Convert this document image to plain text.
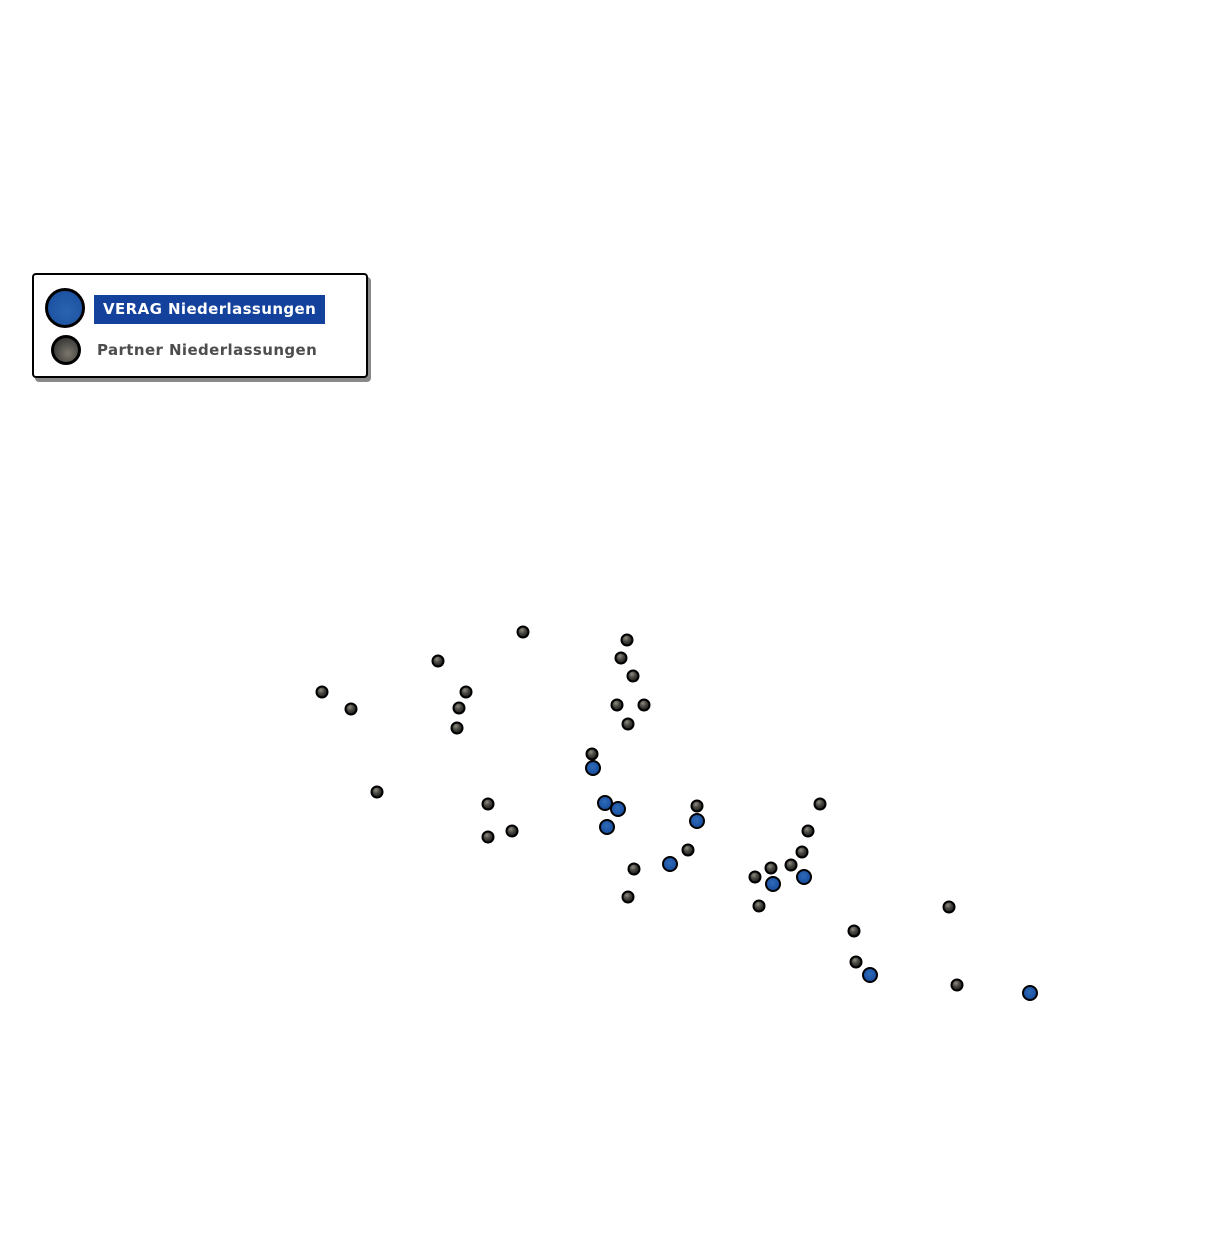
VERAG Niederlassungen
Partner Niederlassungen
